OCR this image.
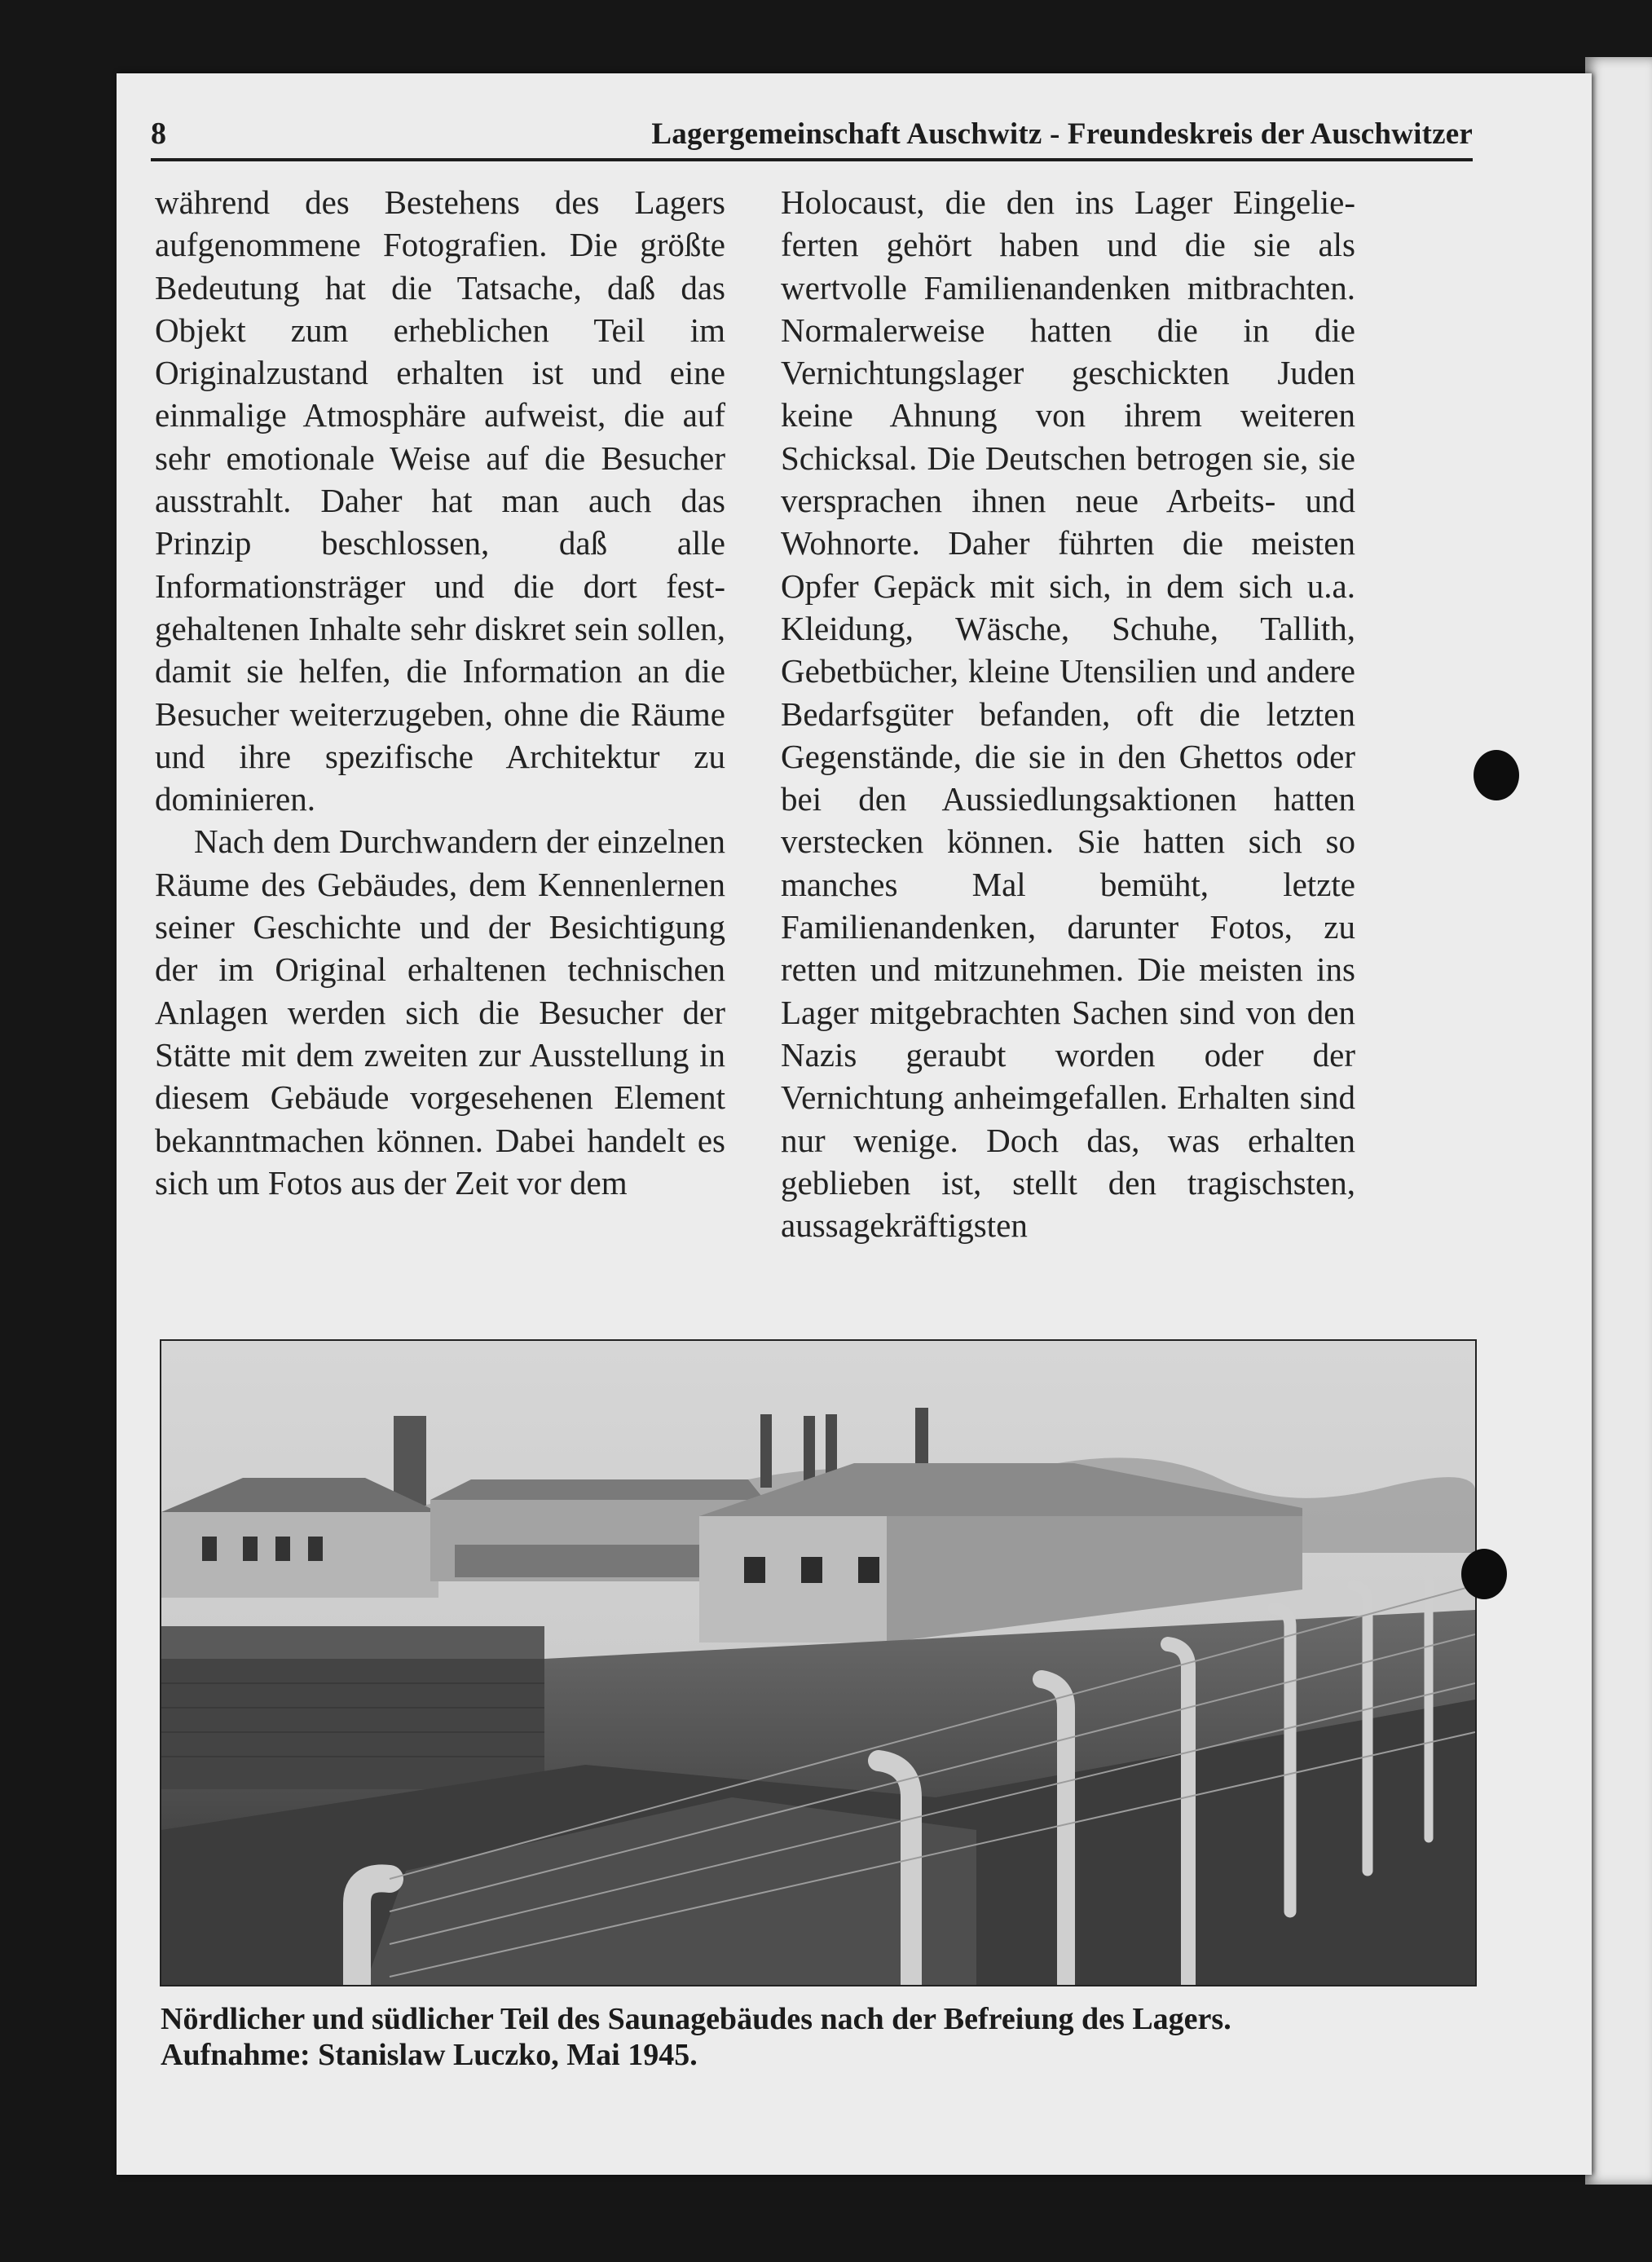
8	Lagergemeinschaft Auschwitz - Freundeskreis der Auschwitzer

während des Bestehens des Lagers aufgenommene Fotografien. Die größte Bedeutung hat die Tatsache, daß das Objekt zum erheblichen Teil im Originalzustand erhalten ist und eine einmalige Atmosphäre aufweist, die auf sehr emotionale Weise auf die Besucher ausstrahlt. Daher hat man auch das Prinzip beschlossen, daß alle Informationsträger und die dort festgehaltenen Inhalte sehr diskret sein sollen, damit sie helfen, die Information an die Besucher weiterzugeben, ohne die Räume und ihre spezifische Architektur zu dominieren.

Nach dem Durchwandern der einzelnen Räume des Gebäudes, dem Kennenlernen seiner Geschichte und der Besichtigung der im Original erhaltenen technischen Anlagen werden sich die Besucher der Stätte mit dem zweiten zur Ausstellung in diesem Gebäude vorgesehenen Element bekanntmachen können. Dabei handelt es sich um Fotos aus der Zeit vor dem

Holocaust, die den ins Lager Eingelieferten gehört haben und die sie als wertvolle Familienandenken mitbrachten. Normalerweise hatten die in die Vernichtungslager geschickten Juden keine Ahnung von ihrem weiteren Schicksal. Die Deutschen betrogen sie, sie versprachen ihnen neue Arbeits- und Wohnorte. Daher führten die meisten Opfer Gepäck mit sich, in dem sich u.a. Kleidung, Wäsche, Schuhe, Tallith, Gebetbücher, kleine Utensilien und andere Bedarfsgüter befanden, oft die letzten Gegenstände, die sie in den Ghettos oder bei den Aussiedlungsaktionen hatten verstecken können. Sie hatten sich so manches Mal bemüht, letzte Familienandenken, darunter Fotos, zu retten und mitzunehmen. Die meisten ins Lager mitgebrachten Sachen sind von den Nazis geraubt worden oder der Vernichtung anheimgefallen. Erhalten sind nur wenige. Doch das, was erhalten geblieben ist, stellt den tragischsten, aussagekräftigsten

Nördlicher und südlicher Teil des Saunagebäudes nach der Befreiung des Lagers.
Aufnahme: Stanislaw Luczko, Mai 1945.
